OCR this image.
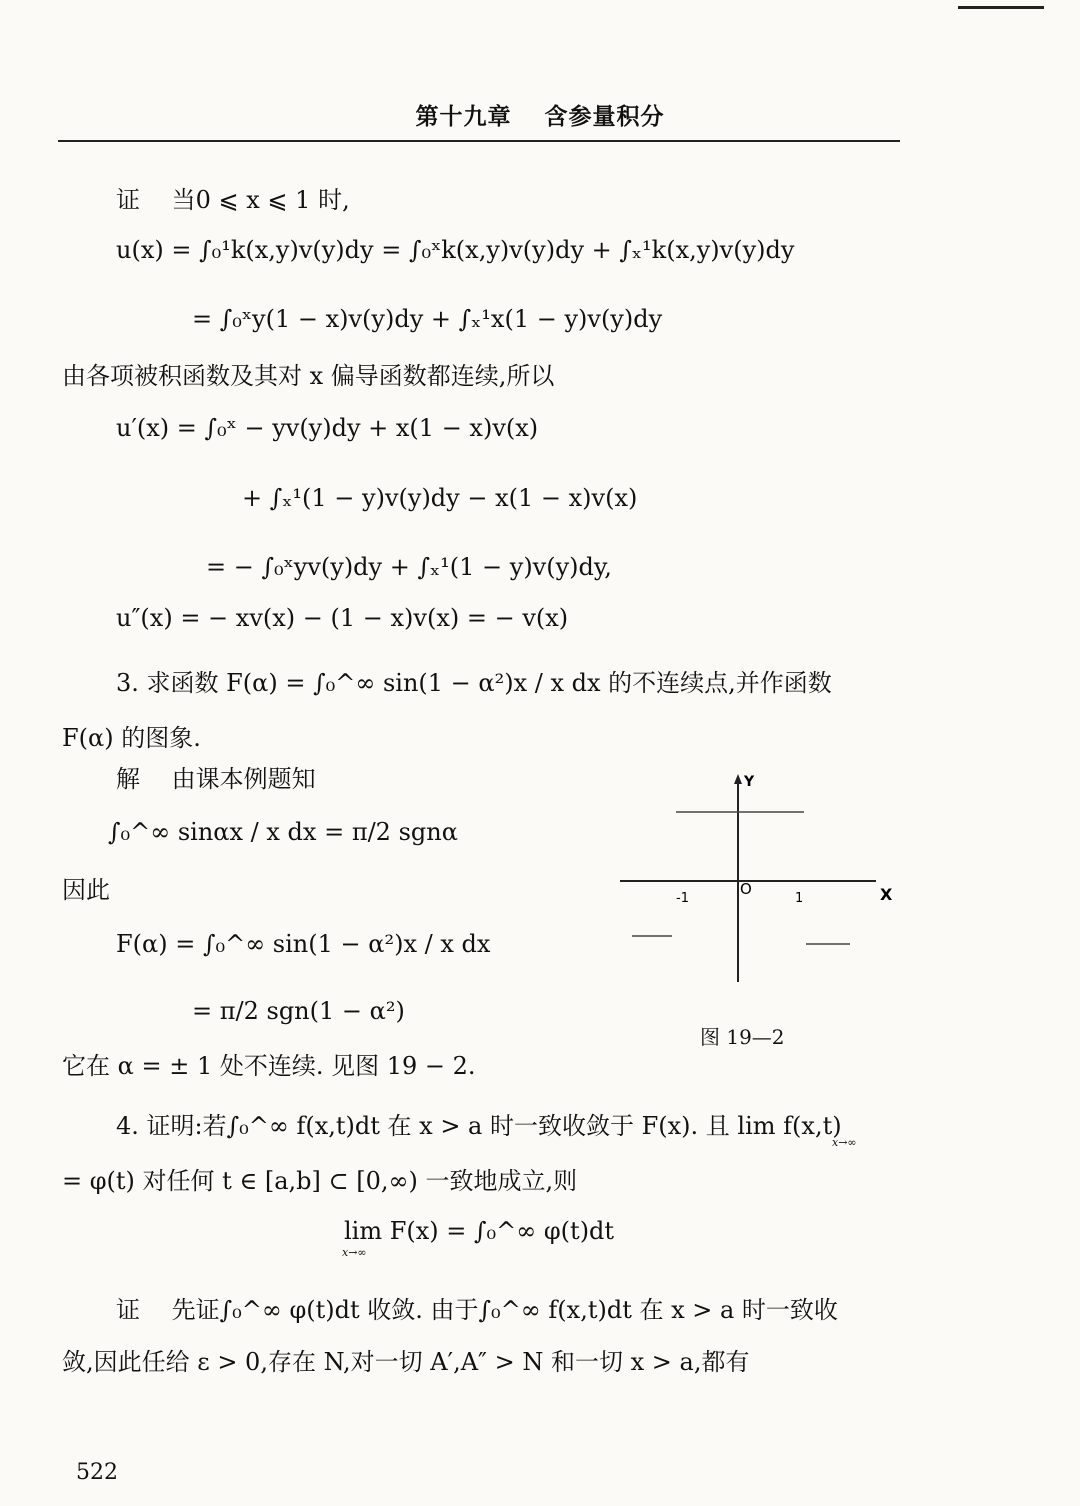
第十九章　 含参量积分
证　 当0 ⩽ x ⩽ 1 时,
u(x) = ∫₀¹k(x,y)v(y)dy = ∫₀ˣk(x,y)v(y)dy + ∫ₓ¹k(x,y)v(y)dy
= ∫₀ˣy(1 − x)v(y)dy + ∫ₓ¹x(1 − y)v(y)dy
由各项被积函数及其对 x 偏导函数都连续,所以
u′(x) = ∫₀ˣ − yv(y)dy + x(1 − x)v(x)
+ ∫ₓ¹(1 − y)v(y)dy − x(1 − x)v(x)
= − ∫₀ˣyv(y)dy + ∫ₓ¹(1 − y)v(y)dy,
u″(x) = − xv(x) − (1 − x)v(x) = − v(x)
3. 求函数 F(α) = ∫₀^∞ sin(1 − α²)x / x dx 的不连续点,并作函数
F(α) 的图象.
解　 由课本例题知
∫₀^∞ sinαx / x dx = π/2 sgnα
因此
F(α) = ∫₀^∞ sin(1 − α²)x / x dx
= π/2 sgn(1 − α²)
它在 α = ± 1 处不连续. 见图 19 − 2.
Y
X
O
-1	1
图 19—2
4. 证明:若∫₀^∞ f(x,t)dt 在 x > a 时一致收敛于 F(x). 且 lim f(x,t)
x→∞
= φ(t) 对任何 t ∈ [a,b] ⊂ [0,∞) 一致地成立,则
lim F(x) = ∫₀^∞ φ(t)dt
x→∞
证　 先证∫₀^∞ φ(t)dt 收敛. 由于∫₀^∞ f(x,t)dt 在 x > a 时一致收
敛,因此任给 ε > 0,存在 N,对一切 A′,A″ > N 和一切 x > a,都有
522
